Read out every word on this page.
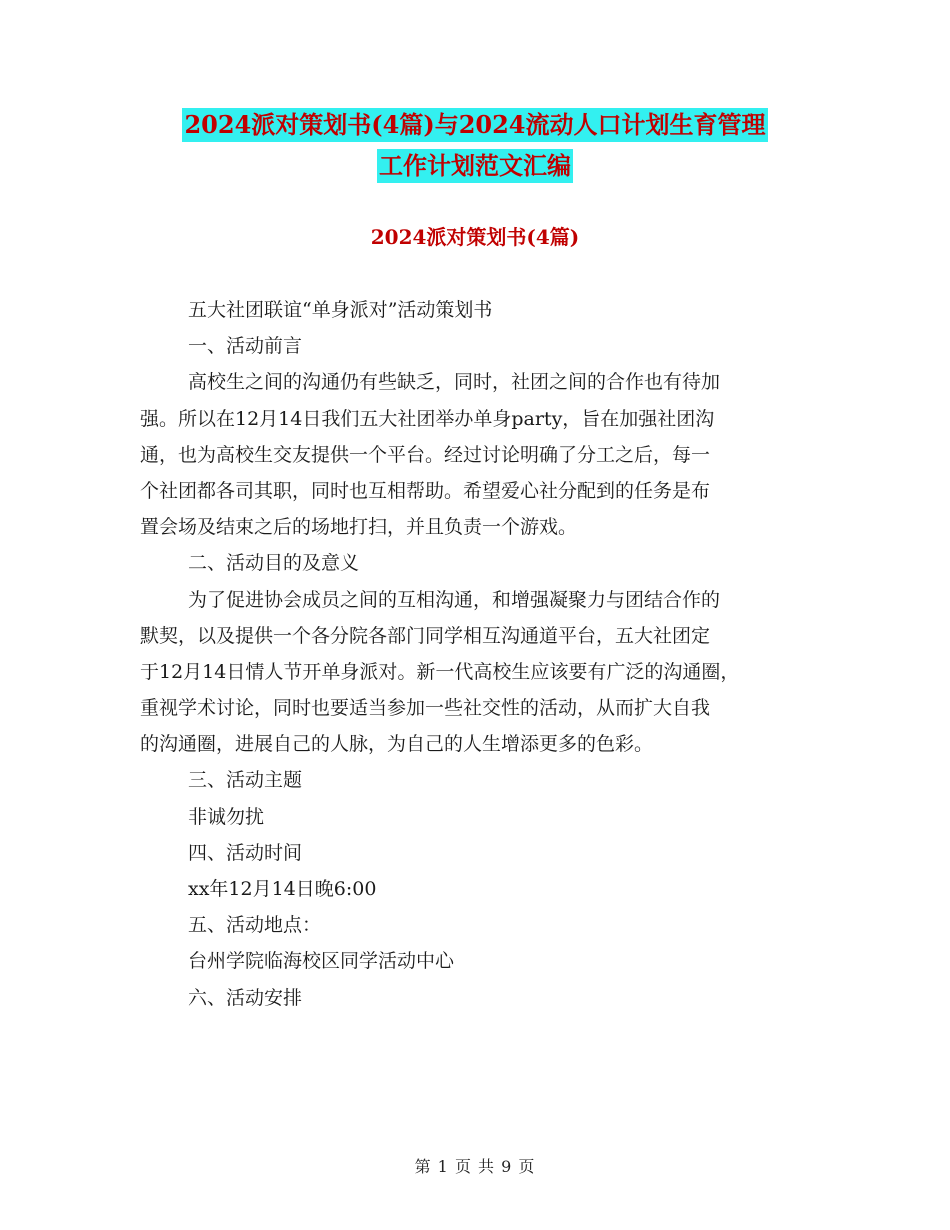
2024派对策划书(4篇)与2024流动人口计划生育管理
工作计划范文汇编
2024派对策划书(4篇)
五大社团联谊“单身派对”活动策划书
一、活动前言
高校生之间的沟通仍有些缺乏，同时，社团之间的合作也有待加
强。所以在12月14日我们五大社团举办单身party，旨在加强社团沟
通，也为高校生交友提供一个平台。经过讨论明确了分工之后，每一
个社团都各司其职，同时也互相帮助。希望爱心社分配到的任务是布
置会场及结束之后的场地打扫，并且负责一个游戏。
二、活动目的及意义
为了促进协会成员之间的互相沟通，和增强凝聚力与团结合作的
默契，以及提供一个各分院各部门同学相互沟通道平台，五大社团定
于12月14日情人节开单身派对。新一代高校生应该要有广泛的沟通圈，
重视学术讨论，同时也要适当参加一些社交性的活动，从而扩大自我
的沟通圈，进展自己的人脉，为自己的人生增添更多的色彩。
三、活动主题
非诚勿扰
四、活动时间
xx年12月14日晚6:00
五、活动地点：
台州学院临海校区同学活动中心
六、活动安排
第 1 页 共 9 页
